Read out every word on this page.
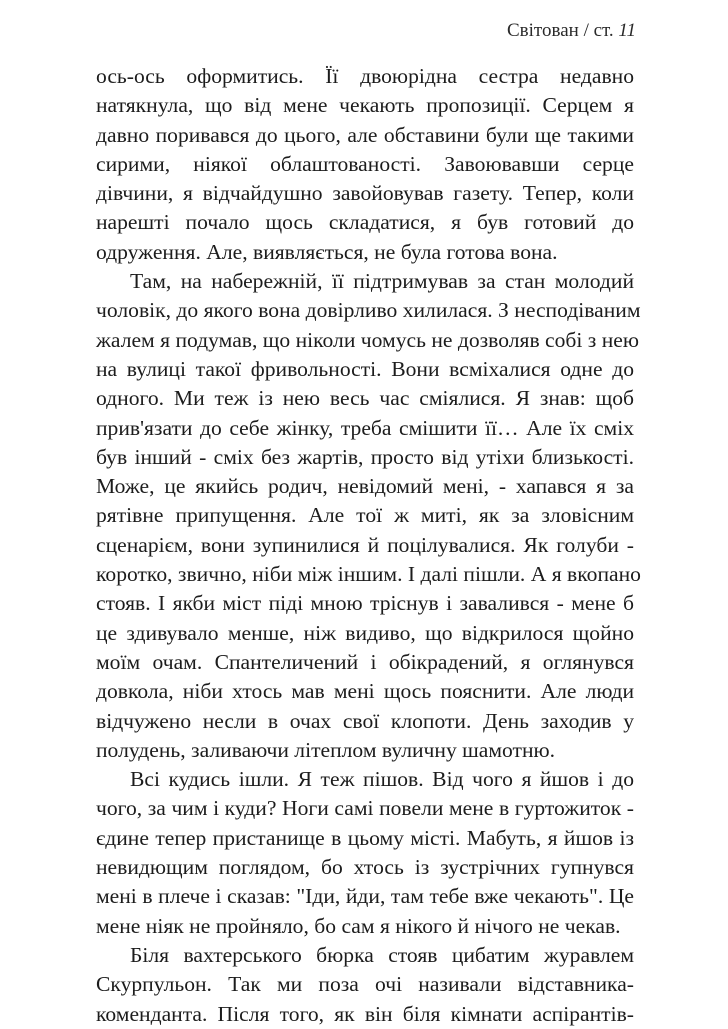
Світован / ст. 11
ось-ось оформитись. Її двоюрідна сестра недавно
натякнула, що від мене чекають пропозиції. Серцем я
давно поривався до цього, але обставини були ще такими
сирими, ніякої облаштованості. Завоювавши серце
дівчини, я відчайдушно завойовував газету. Тепер, коли
нарешті почало щось складатися, я був готовий до
одруження. Але, виявляється, не була готова вона.
Там, на набережній, її підтримував за стан молодий
чоловік, до якого вона довірливо хилилася. З несподіваним
жалем я подумав, що ніколи чомусь не дозволяв собі з нею
на вулиці такої фривольності. Вони всміхалися одне до
одного. Ми теж із нею весь час сміялися. Я знав: щоб
прив'язати до себе жінку, треба смішити її… Але їх сміх
був інший - сміх без жартів, просто від утіхи близькості.
Може, це якийсь родич, невідомий мені, - хапався я за
рятівне припущення. Але тої ж миті, як за зловісним
сценарієм, вони зупинилися й поцілувалися. Як голуби -
коротко, звично, ніби між іншим. І далі пішли. А я вкопано
стояв. І якби міст піді мною тріснув і завалився - мене б
це здивувало менше, ніж видиво, що відкрилося щойно
моїм очам. Спантеличений і обікрадений, я оглянувся
довкола, ніби хтось мав мені щось пояснити. Але люди
відчужено несли в очах свої клопоти. День заходив у
полудень, заливаючи літеплом вуличну шамотню.
Всі кудись ішли. Я теж пішов. Від чого я йшов і до
чого, за чим і куди? Ноги самі повели мене в гуртожиток -
єдине тепер пристанище в цьому місті. Мабуть, я йшов із
невидющим поглядом, бо хтось із зустрічних гупнувся
мені в плече і сказав: "Іди, йди, там тебе вже чекають". Це
мене ніяк не пройняло, бо сам я нікого й нічого не чекав.
Біля вахтерського бюрка стояв цибатим журавлем
Скурпульон. Так ми поза очі називали відставника-
коменданта. Після того, як він біля кімнати аспірантів-
